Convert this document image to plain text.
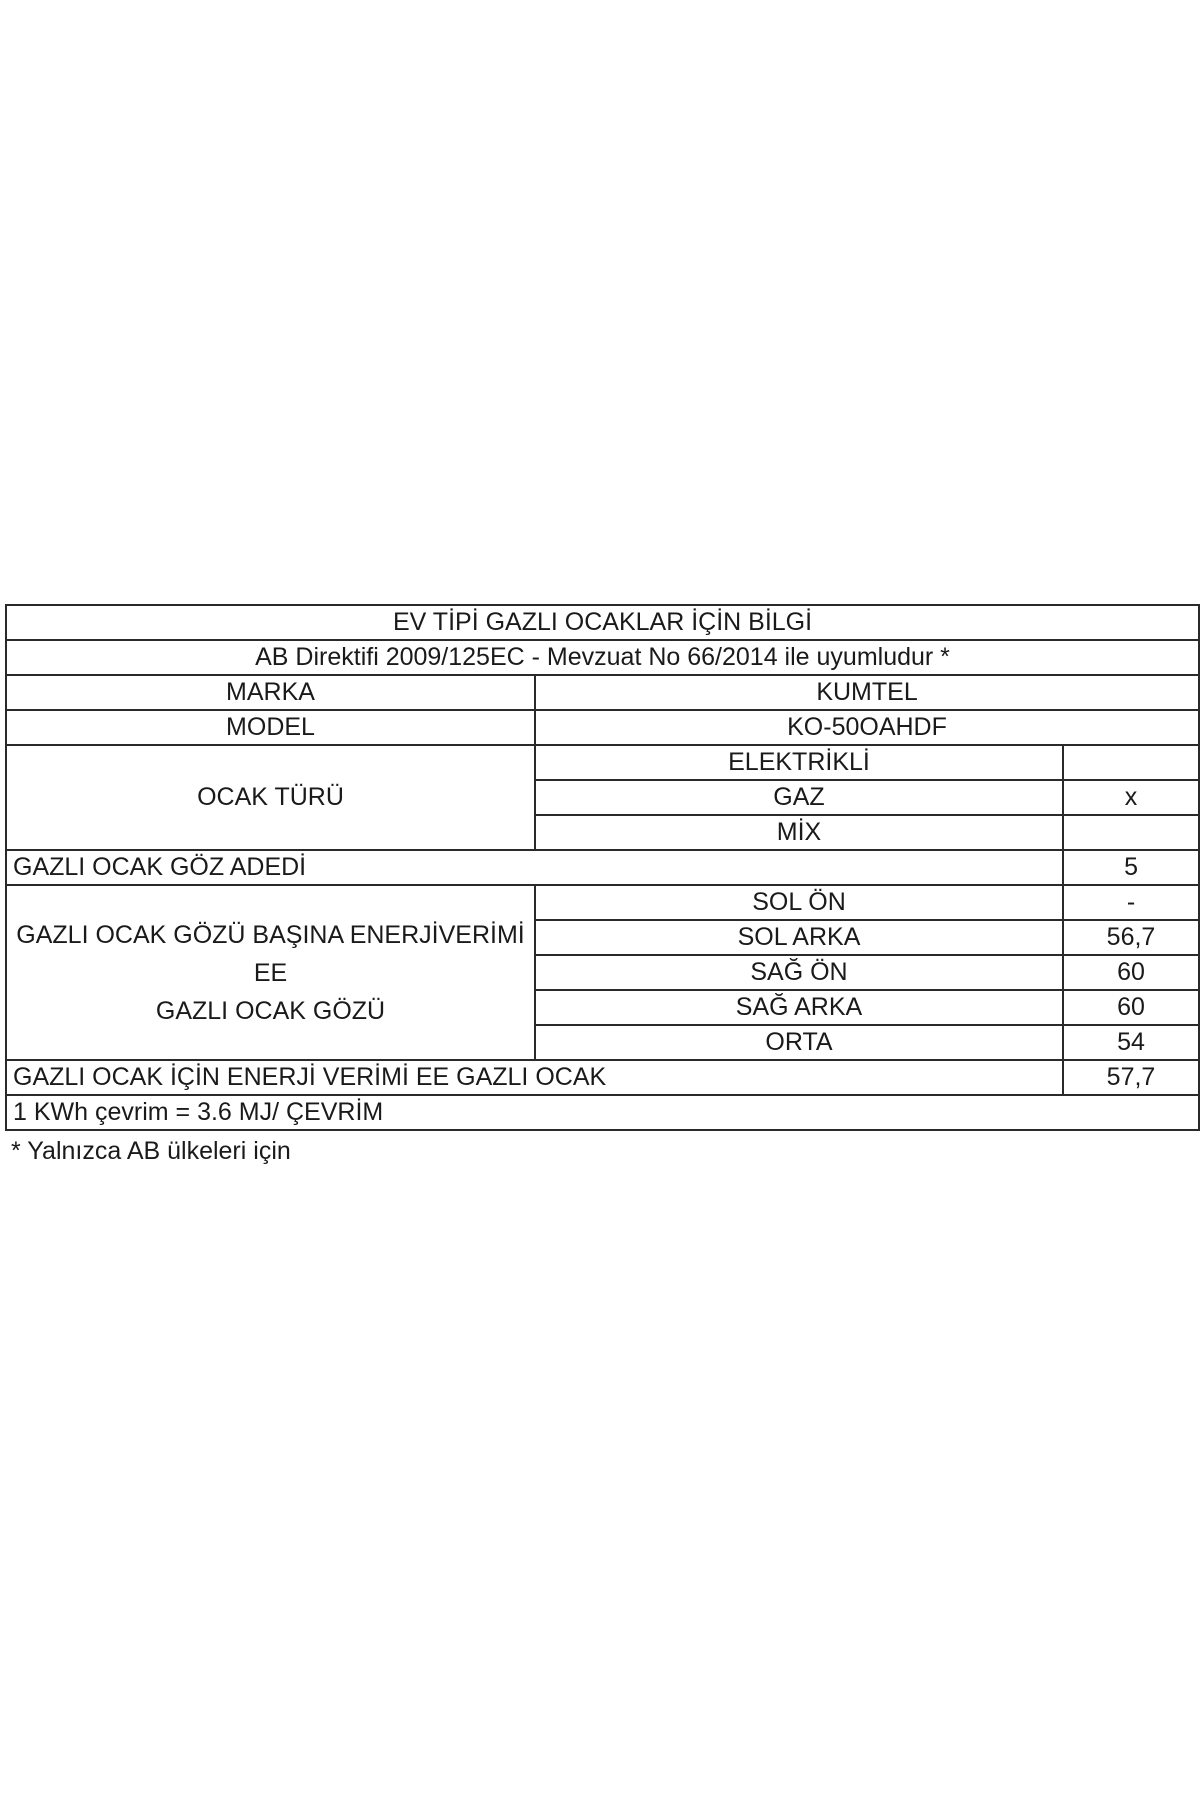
EV TİPİ GAZLI OCAKLAR İÇİN BİLGİ		
AB Direktifi 2009/125EC - Mevzuat No 66/2014 ile uyumludur *		
MARKA	KUMTEL	
MODEL	KO-50OAHDF	
OCAK TÜRÜ	ELEKTRİKLİ	
	GAZ	x
	MİX	
GAZLI OCAK GÖZ ADEDİ		5
GAZLI OCAK GÖZÜ BAŞINA ENERJİVERİMİ EE
GAZLI OCAK GÖZÜ	SOL ÖN	-
	SOL ARKA	56,7
	SAĞ ÖN	60
	SAĞ ARKA	60
	ORTA	54
GAZLI OCAK İÇİN ENERJİ VERİMİ EE GAZLI OCAK		57,7
1 KWh çevrim = 3.6 MJ/ ÇEVRİM		
* Yalnızca AB ülkeleri için
